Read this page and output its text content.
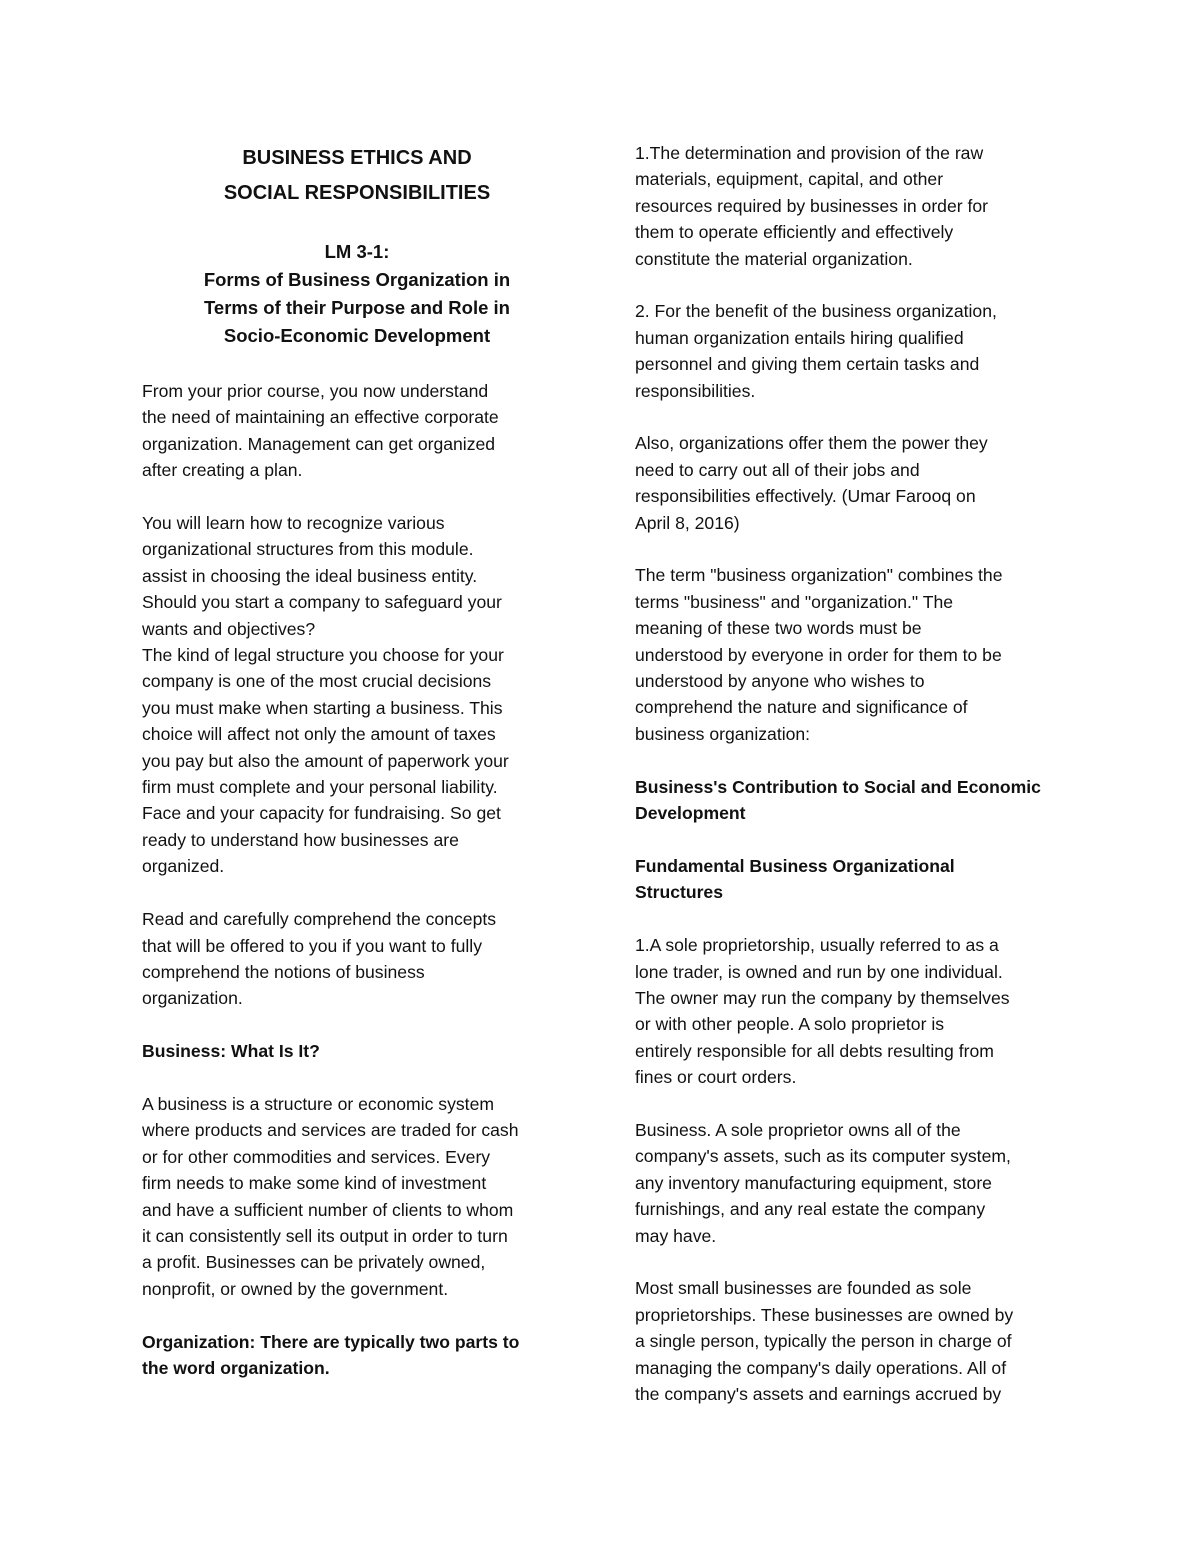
BUSINESS ETHICS AND
SOCIAL RESPONSIBILITIES
LM 3-1:
Forms of Business Organization in
Terms of their Purpose and Role in
Socio-Economic Development

From your prior course, you now understand
the need of maintaining an effective corporate
organization. Management can get organized
after creating a plan.

You will learn how to recognize various
organizational structures from this module.
assist in choosing the ideal business entity.
Should you start a company to safeguard your
wants and objectives?

The kind of legal structure you choose for your
company is one of the most crucial decisions
you must make when starting a business. This
choice will affect not only the amount of taxes
you pay but also the amount of paperwork your
firm must complete and your personal liability.
Face and your capacity for fundraising. So get
ready to understand how businesses are
organized.

Read and carefully comprehend the concepts
that will be offered to you if you want to fully
comprehend the notions of business
organization.

Business: What Is It?

A business is a structure or economic system
where products and services are traded for cash
or for other commodities and services. Every
firm needs to make some kind of investment
and have a sufficient number of clients to whom
it can consistently sell its output in order to turn
a profit. Businesses can be privately owned,
nonprofit, or owned by the government.

Organization: There are typically two parts to
the word organization.

1.The determination and provision of the raw
materials, equipment, capital, and other
resources required by businesses in order for
them to operate efficiently and effectively
constitute the material organization.

2. For the benefit of the business organization,
human organization entails hiring qualified
personnel and giving them certain tasks and
responsibilities.

Also, organizations offer them the power they
need to carry out all of their jobs and
responsibilities effectively. (Umar Farooq on
April 8, 2016)

The term "business organization" combines the
terms "business" and "organization." The
meaning of these two words must be
understood by everyone in order for them to be
understood by anyone who wishes to
comprehend the nature and significance of
business organization:

Business's Contribution to Social and Economic
Development

Fundamental Business Organizational
Structures

1.A sole proprietorship, usually referred to as a
lone trader, is owned and run by one individual.
The owner may run the company by themselves
or with other people. A solo proprietor is
entirely responsible for all debts resulting from
fines or court orders.

Business. A sole proprietor owns all of the
company's assets, such as its computer system,
any inventory manufacturing equipment, store
furnishings, and any real estate the company
may have.

Most small businesses are founded as sole
proprietorships. These businesses are owned by
a single person, typically the person in charge of
managing the company's daily operations. All of
the company's assets and earnings accrued by
